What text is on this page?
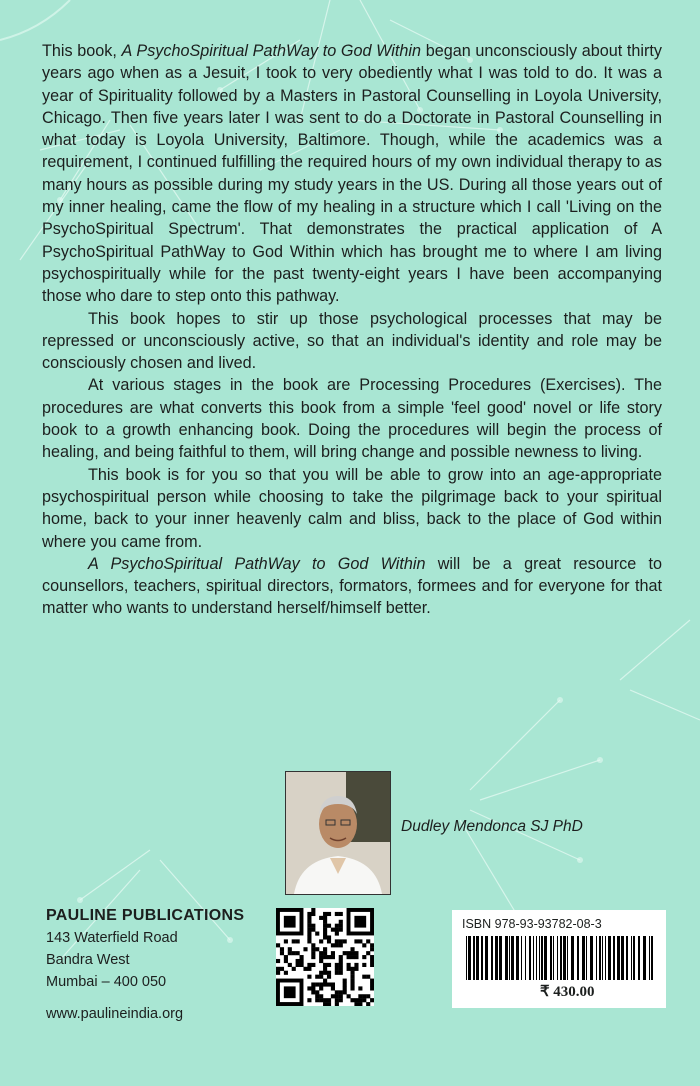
This book, A PsychoSpiritual PathWay to God Within began unconsciously about thirty years ago when as a Jesuit, I took to very obediently what I was told to do. It was a year of Spirituality followed by a Masters in Pastoral Counselling in Loyola University, Chicago. Then five years later I was sent to do a Doctorate in Pastoral Counselling in what today is Loyola University, Baltimore. Though, while the academics was a requirement, I continued fulfilling the required hours of my own individual therapy to as many hours as possible during my study years in the US. During all those years out of my inner healing, came the flow of my healing in a structure which I call 'Living on the PsychoSpiritual Spectrum'. That demonstrates the practical application of A PsychoSpiritual PathWay to God Within which has brought me to where I am living psychospiritually while for the past twenty-eight years I have been accompanying those who dare to step onto this pathway.

This book hopes to stir up those psychological processes that may be repressed or unconsciously active, so that an individual's identity and role may be consciously chosen and lived.

At various stages in the book are Processing Procedures (Exercises). The procedures are what converts this book from a simple 'feel good' novel or life story book to a growth enhancing book. Doing the procedures will begin the process of healing, and being faithful to them, will bring change and possible newness to living.

This book is for you so that you will be able to grow into an age-appropriate psychospiritual person while choosing to take the pilgrimage back to your spiritual home, back to your inner heavenly calm and bliss, back to the place of God within where you came from.

A PsychoSpiritual PathWay to God Within will be a great resource to counsellors, teachers, spiritual directors, formators, formees and for everyone for that matter who wants to understand herself/himself better.

Dudley Mendonca SJ PhD
PAULINE PUBLICATIONS
143 Waterfield Road
Bandra West
Mumbai – 400 050
www.paulineindia.org
ISBN 978-93-93782-08-3
₹ 430.00
